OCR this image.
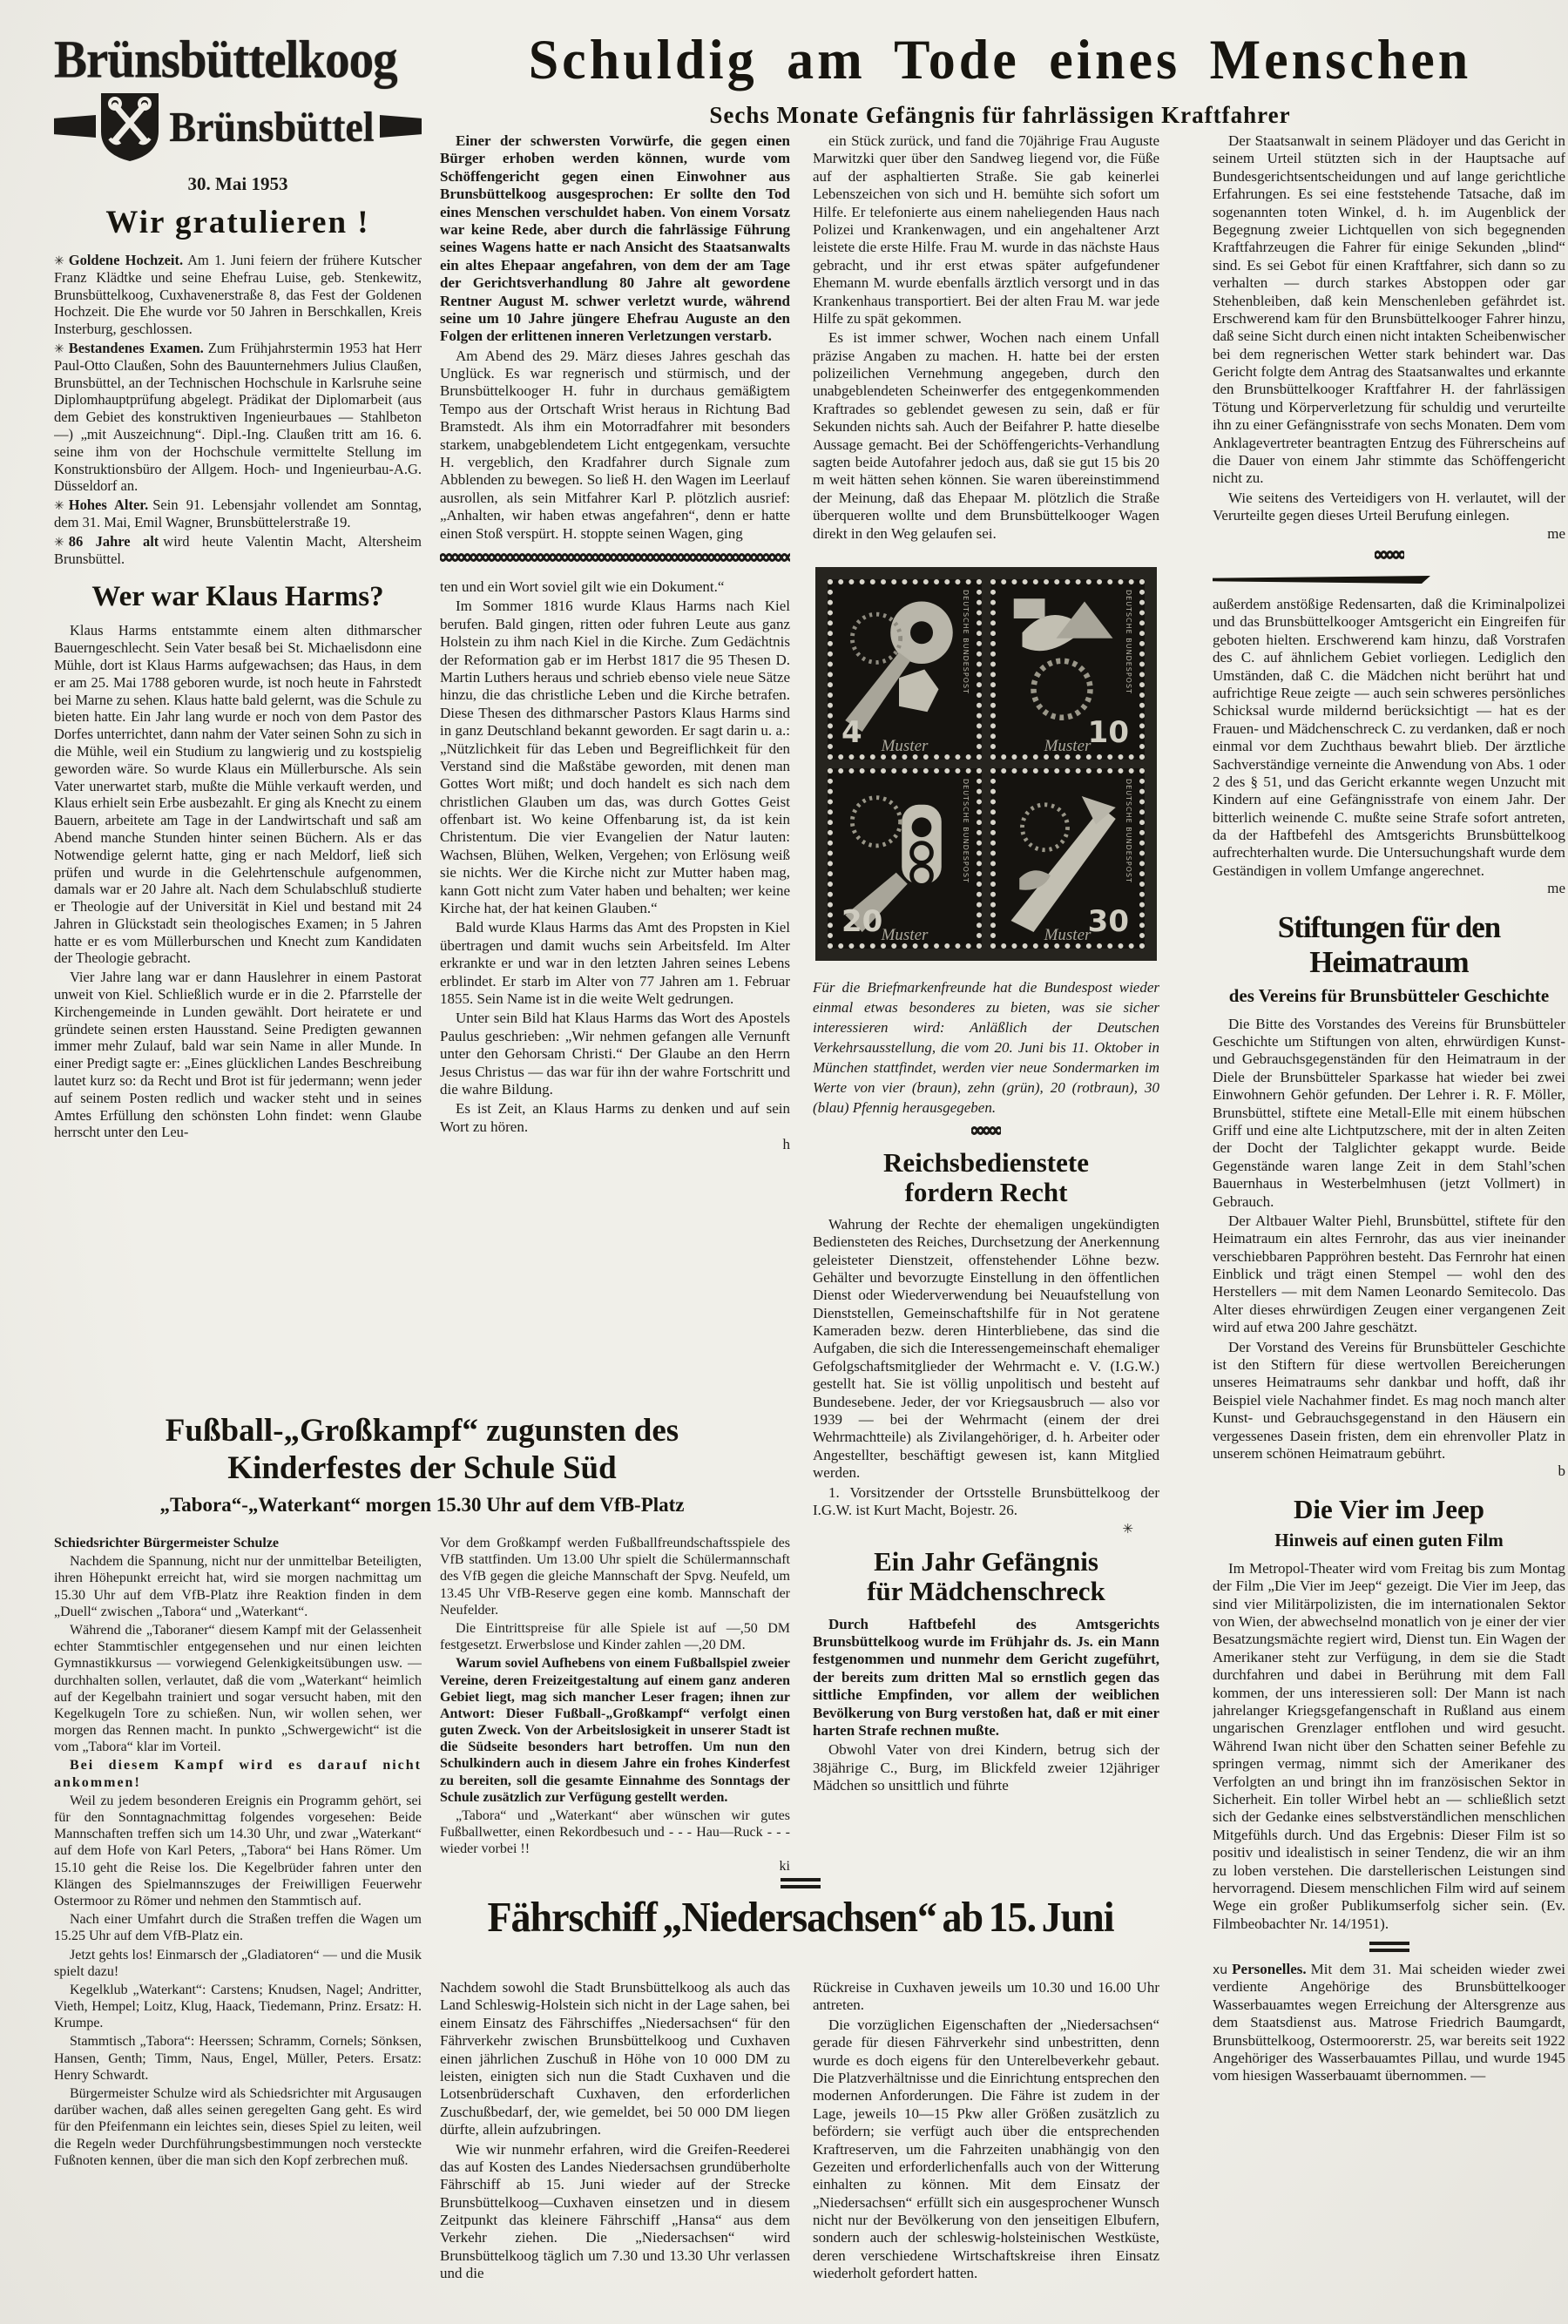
Brünsbüttelkoog
Brünsbüttel
30. Mai 1953
Wir gratulieren !

✳ Goldene Hochzeit. Am 1. Juni feiern der frühere Kutscher Franz Klädtke und seine Ehefrau Luise, geb. Stenkewitz, Brunsbüttelkoog, Cuxhavenerstraße 8, das Fest der Goldenen Hochzeit. Die Ehe wurde vor 50 Jahren in Berschkallen, Kreis Insterburg, geschlossen.

✳ Bestandenes Examen. Zum Frühjahrstermin 1953 hat Herr Paul-Otto Claußen, Sohn des Bauunternehmers Julius Claußen, Brunsbüttel, an der Technischen Hochschule in Karlsruhe seine Diplomhauptprüfung abgelegt. Prädikat der Diplomarbeit (aus dem Gebiet des konstruktiven Ingenieurbaues — Stahlbeton —) „mit Auszeichnung“. Dipl.-Ing. Claußen tritt am 16. 6. seine ihm von der Hochschule vermittelte Stellung im Konstruktionsbüro der Allgem. Hoch- und Ingenieurbau-A.G. Düsseldorf an.

✳ Hohes Alter. Sein 91. Lebensjahr vollendet am Sonntag, dem 31. Mai, Emil Wagner, Brunsbüttelerstraße 19.

✳ 86 Jahre alt wird heute Valentin Macht, Altersheim Brunsbüttel.

Wer war Klaus Harms?

Klaus Harms entstammte einem alten dithmarscher Bauerngeschlecht. Sein Vater besaß bei St. Michaelisdonn eine Mühle, dort ist Klaus Harms aufgewachsen; das Haus, in dem er am 25. Mai 1788 geboren wurde, ist noch heute in Fahrstedt bei Marne zu sehen. Klaus hatte bald gelernt, was die Schule zu bieten hatte. Ein Jahr lang wurde er noch von dem Pastor des Dorfes unterrichtet, dann nahm der Vater seinen Sohn zu sich in die Mühle, weil ein Studium zu langwierig und zu kostspielig geworden wäre. So wurde Klaus ein Müllerbursche. Als sein Vater unerwartet starb, mußte die Mühle verkauft werden, und Klaus erhielt sein Erbe ausbezahlt. Er ging als Knecht zu einem Bauern, arbeitete am Tage in der Landwirtschaft und saß am Abend manche Stunden hinter seinen Büchern. Als er das Notwendige gelernt hatte, ging er nach Meldorf, ließ sich prüfen und wurde in die Gelehrtenschule aufgenommen, damals war er 20 Jahre alt. Nach dem Schulabschluß studierte er Theologie auf der Universität in Kiel und bestand mit 24 Jahren in Glückstadt sein theologisches Examen; in 5 Jahren hatte er es vom Müllerburschen und Knecht zum Kandidaten der Theologie gebracht.

Vier Jahre lang war er dann Hauslehrer in einem Pastorat unweit von Kiel. Schließlich wurde er in die 2. Pfarrstelle der Kirchengemeinde in Lunden gewählt. Dort heiratete er und gründete seinen ersten Hausstand. Seine Predigten gewannen immer mehr Zulauf, bald war sein Name in aller Munde. In einer Predigt sagte er: „Eines glücklichen Landes Beschreibung lautet kurz so: da Recht und Brot ist für jedermann; wenn jeder auf seinem Posten redlich und wacker steht und in seines Amtes Erfüllung den schönsten Lohn findet: wenn Glaube herrscht unter den Leu-

Schuldig am Tode eines Menschen
Sechs Monate Gefängnis für fahrlässigen Kraftfahrer

Einer der schwersten Vorwürfe, die gegen einen Bürger erhoben werden können, wurde vom Schöffengericht gegen einen Einwohner aus Brunsbüttelkoog ausgesprochen: Er sollte den Tod eines Menschen verschuldet haben. Von einem Vorsatz war keine Rede, aber durch die fahrlässige Führung seines Wagens hatte er nach Ansicht des Staatsanwalts ein altes Ehepaar angefahren, von dem der am Tage der Gerichtsverhandlung 80 Jahre alt gewordene Rentner August M. schwer verletzt wurde, während seine um 10 Jahre jüngere Ehefrau Auguste an den Folgen der erlittenen inneren Verletzungen verstarb.

Am Abend des 29. März dieses Jahres geschah das Unglück. Es war regnerisch und stürmisch, und der Brunsbüttelkooger H. fuhr in durchaus gemäßigtem Tempo aus der Ortschaft Wrist heraus in Richtung Bad Bramstedt. Als ihm ein Motorradfahrer mit besonders starkem, unabgeblendetem Licht entgegenkam, versuchte H. vergeblich, den Kradfahrer durch Signale zum Abblenden zu bewegen. So ließ H. den Wagen im Leerlauf ausrollen, als sein Mitfahrer Karl P. plötzlich ausrief: „Anhalten, wir haben etwas angefahren“, denn er hatte einen Stoß verspürt. H. stoppte seinen Wagen, ging

ten und ein Wort soviel gilt wie ein Dokument.“

Im Sommer 1816 wurde Klaus Harms nach Kiel berufen. Bald gingen, ritten oder fuhren Leute aus ganz Holstein zu ihm nach Kiel in die Kirche. Zum Gedächtnis der Reformation gab er im Herbst 1817 die 95 Thesen D. Martin Luthers heraus und schrieb ebenso viele neue Sätze hinzu, die das christliche Leben und die Kirche betrafen. Diese Thesen des dithmarscher Pastors Klaus Harms sind in ganz Deutschland bekannt geworden. Er sagt darin u. a.: „Nützlichkeit für das Leben und Begreiflichkeit für den Verstand sind die Maßstäbe geworden, mit denen man Gottes Wort mißt; und doch handelt es sich nach dem christlichen Glauben um das, was durch Gottes Geist offenbart ist. Wo keine Offenbarung ist, da ist kein Christentum. Die vier Evangelien der Natur lauten: Wachsen, Blühen, Welken, Vergehen; von Erlösung weiß sie nichts. Wer die Kirche nicht zur Mutter haben mag, kann Gott nicht zum Vater haben und behalten; wer keine Kirche hat, der hat keinen Glauben.“

Bald wurde Klaus Harms das Amt des Propsten in Kiel übertragen und damit wuchs sein Arbeitsfeld. Im Alter erkrankte er und war in den letzten Jahren seines Lebens erblindet. Er starb im Alter von 77 Jahren am 1. Februar 1855. Sein Name ist in die weite Welt gedrungen.

Unter sein Bild hat Klaus Harms das Wort des Apostels Paulus geschrieben: „Wir nehmen gefangen alle Vernunft unter den Gehorsam Christi.“ Der Glaube an den Herrn Jesus Christus — das war für ihn der wahre Fortschritt und die wahre Bildung.

Es ist Zeit, an Klaus Harms zu denken und auf sein Wort zu hören.

h

ein Stück zurück, und fand die 70jährige Frau Auguste Marwitzki quer über den Sandweg liegend vor, die Füße auf der asphaltierten Straße. Sie gab keinerlei Lebenszeichen von sich und H. bemühte sich sofort um Hilfe. Er telefonierte aus einem naheliegenden Haus nach Polizei und Krankenwagen, und ein angehaltener Arzt leistete die erste Hilfe. Frau M. wurde in das nächste Haus gebracht, und ihr erst etwas später aufgefundener Ehemann M. wurde ebenfalls ärztlich versorgt und in das Krankenhaus transportiert. Bei der alten Frau M. war jede Hilfe zu spät gekommen.

Es ist immer schwer, Wochen nach einem Unfall präzise Angaben zu machen. H. hatte bei der ersten polizeilichen Vernehmung angegeben, durch den unabgeblendeten Scheinwerfer des entgegenkommenden Kraftrades so geblendet gewesen zu sein, daß er für Sekunden nichts sah. Auch der Beifahrer P. hatte dieselbe Aussage gemacht. Bei der Schöffengerichts-Verhandlung sagten beide Autofahrer jedoch aus, daß sie gut 15 bis 20 m weit hätten sehen können. Sie waren übereinstimmend der Meinung, daß das Ehepaar M. plötzlich die Straße überqueren wollte und dem Brunsbüttelkooger Wagen direkt in den Weg gelaufen sei.

4
DEUTSCHE BUNDESPOST
Muster	10
DEUTSCHE BUNDESPOST
Muster
20
DEUTSCHE BUNDESPOST
Muster	30
DEUTSCHE BUNDESPOST
Muster

Für die Briefmarkenfreunde hat die Bundespost wieder einmal etwas besonderes zu bieten, was sie sicher interessieren wird: Anläßlich der Deutschen Verkehrsausstellung, die vom 20. Juni bis 11. Oktober in München stattfindet, werden vier neue Sondermarken im Werte von vier (braun), zehn (grün), 20 (rotbraun), 30 (blau) Pfennig herausgegeben.

Reichsbedienstete
fordern Recht

Wahrung der Rechte der ehemaligen ungekündigten Bediensteten des Reiches, Durchsetzung der Anerkennung geleisteter Dienstzeit, offenstehender Löhne bezw. Gehälter und bevorzugte Einstellung in den öffentlichen Dienst oder Wiederverwendung bei Neuaufstellung von Dienststellen, Gemeinschaftshilfe für in Not geratene Kameraden bezw. deren Hinterbliebene, das sind die Aufgaben, die sich die Interessengemeinschaft ehemaliger Gefolgschaftsmitglieder der Wehrmacht e. V. (I.G.W.) gestellt hat. Sie ist völlig unpolitisch und besteht auf Bundesebene. Jeder, der vor Kriegsausbruch — also vor 1939 — bei der Wehrmacht (einem der drei Wehrmachtteile) als Zivilangehöriger, d. h. Arbeiter oder Angestellter, beschäftigt gewesen ist, kann Mitglied werden.

1. Vorsitzender der Ortsstelle Brunsbüttelkoog der I.G.W. ist Kurt Macht, Bojestr. 26.

✳
Ein Jahr Gefängnis
für Mädchenschreck

Durch Haftbefehl des Amtsgerichts Brunsbüttelkoog wurde im Frühjahr ds. Js. ein Mann festgenommen und nunmehr dem Gericht zugeführt, der bereits zum dritten Mal so ernstlich gegen das sittliche Empfinden, vor allem der weiblichen Bevölkerung von Burg verstoßen hat, daß er mit einer harten Strafe rechnen mußte.

Obwohl Vater von drei Kindern, betrug sich der 38jährige C., Burg, im Blickfeld zweier 12jähriger Mädchen so unsittlich und führte

Der Staatsanwalt in seinem Plädoyer und das Gericht in seinem Urteil stützten sich in der Hauptsache auf Bundesgerichtsentscheidungen und auf lange gerichtliche Erfahrungen. Es sei eine feststehende Tatsache, daß im sogenannten toten Winkel, d. h. im Augenblick der Begegnung zweier Lichtquellen von sich begegnenden Kraftfahrzeugen die Fahrer für einige Sekunden „blind“ sind. Es sei Gebot für einen Kraftfahrer, sich dann so zu verhalten — durch starkes Abstoppen oder gar Stehenbleiben, daß kein Menschenleben gefährdet ist. Erschwerend kam für den Brunsbüttelkooger Fahrer hinzu, daß seine Sicht durch einen nicht intakten Scheibenwischer bei dem regnerischen Wetter stark behindert war. Das Gericht folgte dem Antrag des Staatsanwaltes und erkannte den Brunsbüttelkooger Kraftfahrer H. der fahrlässigen Tötung und Körperverletzung für schuldig und verurteilte ihn zu einer Gefängnisstrafe von sechs Monaten. Dem vom Anklagevertreter beantragten Entzug des Führerscheins auf die Dauer von einem Jahr stimmte das Schöffengericht nicht zu.

Wie seitens des Verteidigers von H. verlautet, will der Verurteilte gegen dieses Urteil Berufung einlegen.

me

außerdem anstößige Redensarten, daß die Kriminalpolizei und das Brunsbüttelkooger Amtsgericht ein Eingreifen für geboten hielten. Erschwerend kam hinzu, daß Vorstrafen des C. auf ähnlichem Gebiet vorliegen. Lediglich den Umständen, daß C. die Mädchen nicht berührt hat und aufrichtige Reue zeigte — auch sein schweres persönliches Schicksal wurde mildernd berücksichtigt — hat es der Frauen- und Mädchenschreck C. zu verdanken, daß er noch einmal vor dem Zuchthaus bewahrt blieb. Der ärztliche Sachverständige verneinte die Anwendung von Abs. 1 oder 2 des § 51, und das Gericht erkannte wegen Unzucht mit Kindern auf eine Gefängnisstrafe von einem Jahr. Der bitterlich weinende C. mußte seine Strafe sofort antreten, da der Haftbefehl des Amtsgerichts Brunsbüttelkoog aufrechterhalten wurde. Die Untersuchungshaft wurde dem Geständigen in vollem Umfange angerechnet.

me

Stiftungen für den Heimatraum
des Vereins für Brunsbütteler Geschichte

Die Bitte des Vorstandes des Vereins für Brunsbütteler Geschichte um Stiftungen von alten, ehrwürdigen Kunst- und Gebrauchsgegenständen für den Heimatraum in der Diele der Brunsbütteler Sparkasse hat wieder bei zwei Einwohnern Gehör gefunden. Der Lehrer i. R. F. Möller, Brunsbüttel, stiftete eine Metall-Elle mit einem hübschen Griff und eine alte Lichtputzschere, mit der in alten Zeiten der Docht der Talglichter gekappt wurde. Beide Gegenstände waren lange Zeit in dem Stahl’schen Bauernhaus in Westerbelmhusen (jetzt Vollmert) in Gebrauch.

Der Altbauer Walter Piehl, Brunsbüttel, stiftete für den Heimatraum ein altes Fernrohr, das aus vier ineinander verschiebbaren Pappröhren besteht. Das Fernrohr hat einen Einblick und trägt einen Stempel — wohl den des Herstellers — mit dem Namen Leonardo Semitecolo. Das Alter dieses ehrwürdigen Zeugen einer vergangenen Zeit wird auf etwa 200 Jahre geschätzt.

Der Vorstand des Vereins für Brunsbütteler Geschichte ist den Stiftern für diese wertvollen Bereicherungen unseres Heimatraums sehr dankbar und hofft, daß ihr Beispiel viele Nachahmer findet. Es mag noch manch alter Kunst- und Gebrauchsgegenstand in den Häusern ein vergessenes Dasein fristen, dem ein ehrenvoller Platz in unserem schönen Heimatraum gebührt.

b

Die Vier im Jeep
Hinweis auf einen guten Film

Im Metropol-Theater wird vom Freitag bis zum Montag der Film „Die Vier im Jeep“ gezeigt. Die Vier im Jeep, das sind vier Militärpolizisten, die im internationalen Sektor von Wien, der abwechselnd monatlich von je einer der vier Besatzungsmächte regiert wird, Dienst tun. Ein Wagen der Amerikaner steht zur Verfügung, in dem sie die Stadt durchfahren und dabei in Berührung mit dem Fall kommen, der uns interessieren soll: Der Mann ist nach jahrelanger Kriegsgefangenschaft in Rußland aus einem ungarischen Grenzlager entflohen und wird gesucht. Während Iwan nicht über den Schatten seiner Befehle zu springen vermag, nimmt sich der Amerikaner des Verfolgten an und bringt ihn im französischen Sektor in Sicherheit. Ein toller Wirbel hebt an — schließlich setzt sich der Gedanke eines selbstverständlichen menschlichen Mitgefühls durch. Und das Ergebnis: Dieser Film ist so positiv und idealistisch in seiner Tendenz, die wir an ihm zu loben verstehen. Die darstellerischen Leistungen sind hervorragend. Diesem menschlichen Film wird auf seinem Wege ein großer Publikumserfolg sicher sein. (Ev. Filmbeobachter Nr. 14/1951).

xu Personelles. Mit dem 31. Mai scheiden wieder zwei verdiente Angehörige des Brunsbüttelkooger Wasserbauamtes wegen Erreichung der Altersgrenze aus dem Staatsdienst aus. Matrose Friedrich Baumgardt, Brunsbüttelkoog, Ostermoorerstr. 25, war bereits seit 1922 Angehöriger des Wasserbauamtes Pillau, und wurde 1945 vom hiesigen Wasserbauamt übernommen. —

Fußball-„Großkampf“ zugunsten des
Kinderfestes der Schule Süd
„Tabora“-„Waterkant“ morgen 15.30 Uhr auf dem VfB-Platz

Schiedsrichter Bürgermeister Schulze

Nachdem die Spannung, nicht nur der unmittelbar Beteiligten, ihren Höhepunkt erreicht hat, wird sie morgen nachmittag um 15.30 Uhr auf dem VfB-Platz ihre Reaktion finden in dem „Duell“ zwischen „Tabora“ und „Waterkant“.

Während die „Taboraner“ diesem Kampf mit der Gelassenheit echter Stammtischler entgegensehen und nur einen leichten Gymnastikkursus — vorwiegend Gelenkigkeitsübungen usw. — durchhalten sollen, verlautet, daß die vom „Waterkant“ heimlich auf der Kegelbahn trainiert und sogar versucht haben, mit den Kegelkugeln Tore zu schießen. Nun, wir wollen sehen, wer morgen das Rennen macht. In punkto „Schwergewicht“ ist die vom „Tabora“ klar im Vorteil.

Bei diesem Kampf wird es darauf nicht ankommen!

Weil zu jedem besonderen Ereignis ein Programm gehört, sei für den Sonntagnachmittag folgendes vorgesehen: Beide Mannschaften treffen sich um 14.30 Uhr, und zwar „Waterkant“ auf dem Hofe von Karl Peters, „Tabora“ bei Hans Römer. Um 15.10 geht die Reise los. Die Kegelbrüder fahren unter den Klängen des Spielmannszuges der Freiwilligen Feuerwehr Ostermoor zu Römer und nehmen den Stammtisch auf.

Nach einer Umfahrt durch die Straßen treffen die Wagen um 15.25 Uhr auf dem VfB-Platz ein.

Jetzt gehts los! Einmarsch der „Gladiatoren“ — und die Musik spielt dazu!

Kegelklub „Waterkant“: Carstens; Knudsen, Nagel; Andritter, Vieth, Hempel; Loitz, Klug, Haack, Tiedemann, Prinz. Ersatz: H. Krumpe.

Stammtisch „Tabora“: Heerssen; Schramm, Cornels; Sönksen, Hansen, Genth; Timm, Naus, Engel, Müller, Peters. Ersatz: Henry Schwardt.

Bürgermeister Schulze wird als Schiedsrichter mit Argusaugen darüber wachen, daß alles seinen geregelten Gang geht. Es wird für den Pfeifenmann ein leichtes sein, dieses Spiel zu leiten, weil die Regeln weder Durchführungsbestimmungen noch versteckte Fußnoten kennen, über die man sich den Kopf zerbrechen muß.

Vor dem Großkampf werden Fußballfreundschaftsspiele des VfB stattfinden. Um 13.00 Uhr spielt die Schülermannschaft des VfB gegen die gleiche Mannschaft der Spvg. Neufeld, um 13.45 Uhr VfB-Reserve gegen eine komb. Mannschaft der Neufelder.

Die Eintrittspreise für alle Spiele ist auf —,50 DM festgesetzt. Erwerbslose und Kinder zahlen —,20 DM.

Warum soviel Aufhebens von einem Fußballspiel zweier Vereine, deren Freizeitgestaltung auf einem ganz anderen Gebiet liegt, mag sich mancher Leser fragen; ihnen zur Antwort: Dieser Fußball-„Großkampf“ verfolgt einen guten Zweck. Von der Arbeitslosigkeit in unserer Stadt ist die Südseite besonders hart betroffen. Um nun den Schulkindern auch in diesem Jahre ein frohes Kinderfest zu bereiten, soll die gesamte Einnahme des Sonntags der Schule zusätzlich zur Verfügung gestellt werden.

„Tabora“ und „Waterkant“ aber wünschen wir gutes Fußballwetter, einen Rekordbesuch und - - - Hau—Ruck - - - wieder vorbei !!

ki

Fährschiff „Niedersachsen“ ab 15. Juni

Nachdem sowohl die Stadt Brunsbüttelkoog als auch das Land Schleswig-Holstein sich nicht in der Lage sahen, bei einem Einsatz des Fährschiffes „Niedersachsen“ für den Fährverkehr zwischen Brunsbüttelkoog und Cuxhaven einen jährlichen Zuschuß in Höhe von 10 000 DM zu leisten, einigten sich nun die Stadt Cuxhaven und die Lotsenbrüderschaft Cuxhaven, den erforderlichen Zuschußbedarf, der, wie gemeldet, bei 50 000 DM liegen dürfte, allein aufzubringen.

Wie wir nunmehr erfahren, wird die Greifen-Reederei das auf Kosten des Landes Niedersachsen grundüberholte Fährschiff ab 15. Juni wieder auf der Strecke Brunsbüttelkoog—Cuxhaven einsetzen und in diesem Zeitpunkt das kleinere Fährschiff „Hansa“ aus dem Verkehr ziehen. Die „Niedersachsen“ wird Brunsbüttelkoog täglich um 7.30 und 13.30 Uhr verlassen und die

Rückreise in Cuxhaven jeweils um 10.30 und 16.00 Uhr antreten.

Die vorzüglichen Eigenschaften der „Niedersachsen“ gerade für diesen Fährverkehr sind unbestritten, denn wurde es doch eigens für den Unterelbeverkehr gebaut. Die Platzverhältnisse und die Einrichtung entsprechen den modernen Anforderungen. Die Fähre ist zudem in der Lage, jeweils 10—15 Pkw aller Größen zusätzlich zu befördern; sie verfügt auch über die entsprechenden Kraftreserven, um die Fahrzeiten unabhängig von den Gezeiten und erforderlichenfalls auch von der Witterung einhalten zu können. Mit dem Einsatz der „Niedersachsen“ erfüllt sich ein ausgesprochener Wunsch nicht nur der Bevölkerung von den jenseitigen Elbufern, sondern auch der schleswig-holsteinischen Westküste, deren verschiedene Wirtschaftskreise ihren Einsatz wiederholt gefordert hatten.
